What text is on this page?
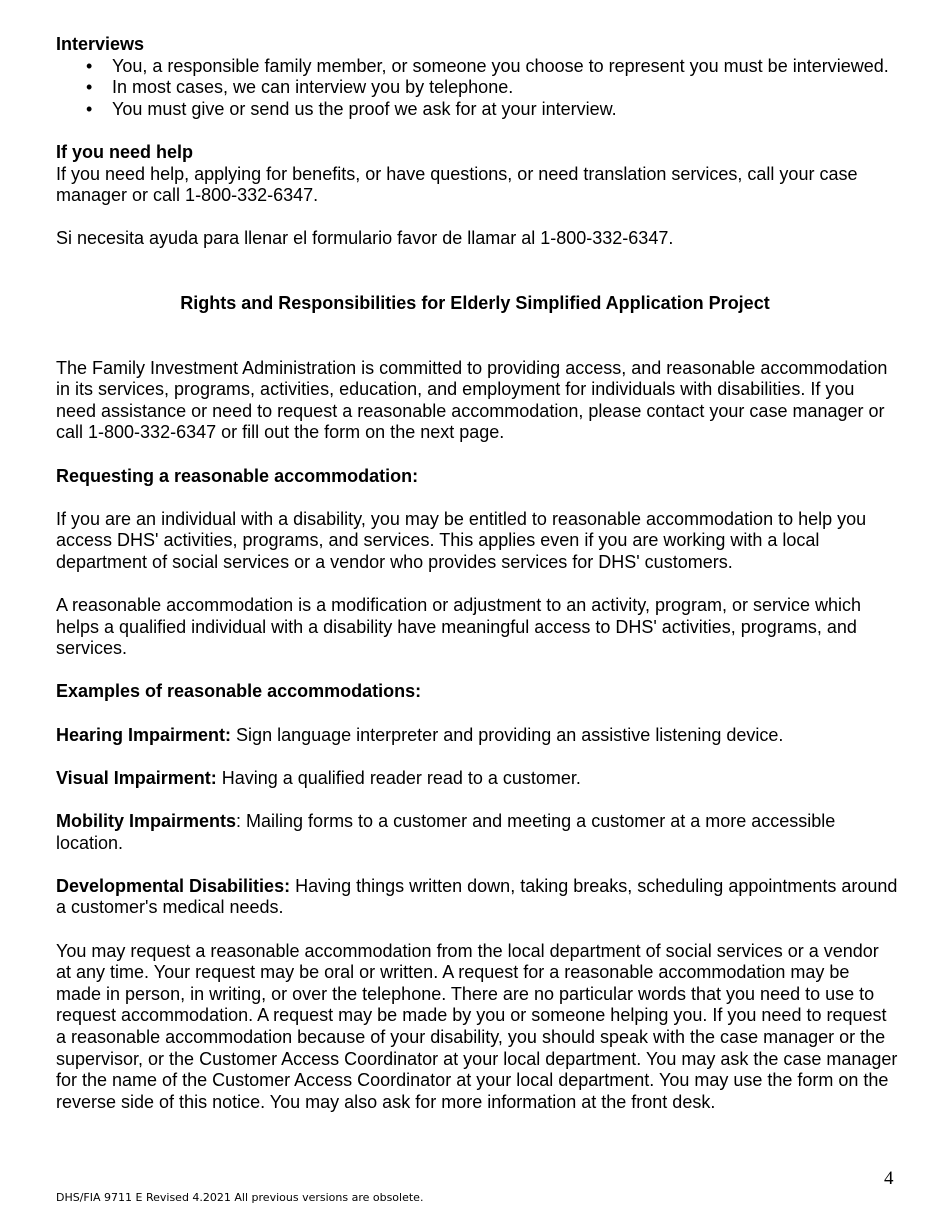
Interviews

• You, a responsible family member, or someone you choose to represent you must be interviewed.
• In most cases, we can interview you by telephone.
• You must give or send us the proof we ask for at your interview.

If you need help

If you need help, applying for benefits, or have questions, or need translation services, call your case manager or call 1-800-332-6347.

Si necesita ayuda para llenar el formulario favor de llamar al 1-800-332-6347.

Rights and Responsibilities for Elderly Simplified Application Project

The Family Investment Administration is committed to providing access, and reasonable accommodation in its services, programs, activities, education, and employment for individuals with disabilities. If you need assistance or need to request a reasonable accommodation, please contact your case manager or call 1-800-332-6347 or fill out the form on the next page.

Requesting a reasonable accommodation:

If you are an individual with a disability, you may be entitled to reasonable accommodation to help you access DHS' activities, programs, and services. This applies even if you are working with a local department of social services or a vendor who provides services for DHS' customers.

A reasonable accommodation is a modification or adjustment to an activity, program, or service which helps a qualified individual with a disability have meaningful access to DHS' activities, programs, and services.

Examples of reasonable accommodations:

Hearing Impairment: Sign language interpreter and providing an assistive listening device.

Visual Impairment: Having a qualified reader read to a customer.

Mobility Impairments: Mailing forms to a customer and meeting a customer at a more accessible location.

Developmental Disabilities: Having things written down, taking breaks, scheduling appointments around a customer's medical needs.

You may request a reasonable accommodation from the local department of social services or a vendor at any time. Your request may be oral or written. A request for a reasonable accommodation may be made in person, in writing, or over the telephone. There are no particular words that you need to use to request accommodation. A request may be made by you or someone helping you. If you need to request a reasonable accommodation because of your disability, you should speak with the case manager or the supervisor, or the Customer Access Coordinator at your local department. You may ask the case manager for the name of the Customer Access Coordinator at your local department. You may use the form on the reverse side of this notice. You may also ask for more information at the front desk.

4
DHS/FIA 9711 E Revised 4.2021 All previous versions are obsolete.
